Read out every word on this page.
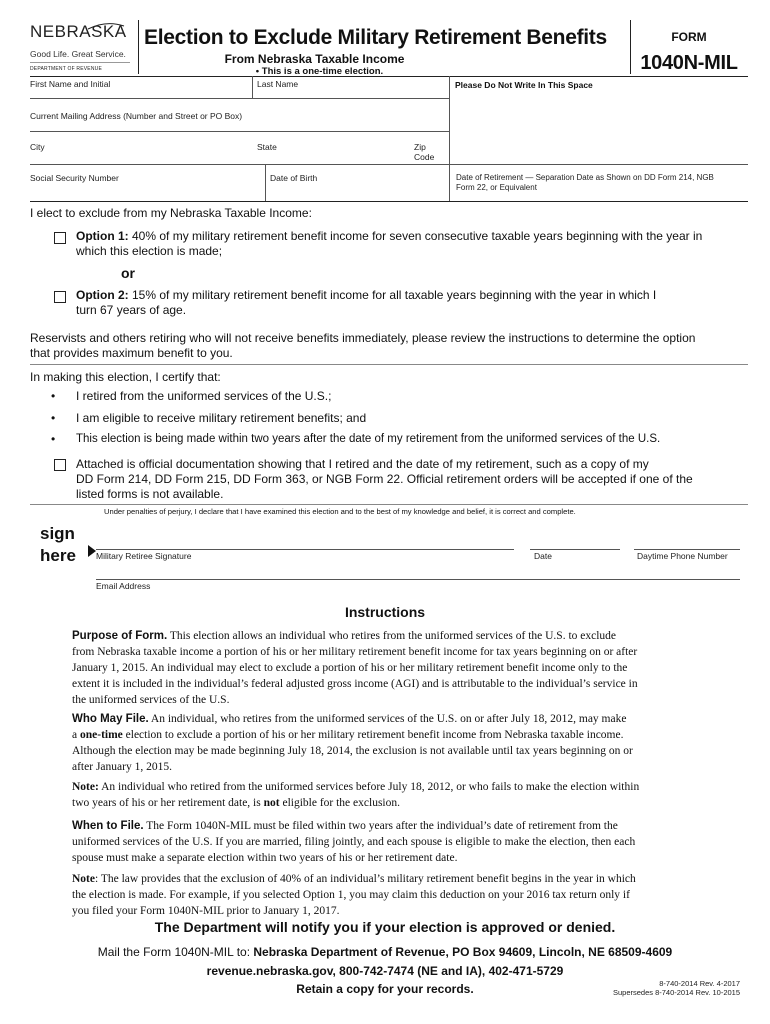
NEBRASKA
Good Life. Great Service.
DEPARTMENT OF REVENUE
Election to Exclude Military Retirement Benefits
From Nebraska Taxable Income
• This is a one-time election.
FORM
1040N-MIL
First Name and Initial	Last Name	Please Do Not Write In This Space
Current Mailing Address (Number and Street or PO Box)
City	State	Zip Code
Social Security Number	Date of Birth	Date of Retirement — Separation Date as Shown on DD Form 214, NGB
Form 22, or Equivalent
I elect to exclude from my Nebraska Taxable Income:
Option 1: 40% of my military retirement benefit income for seven consecutive taxable years beginning with the year in
which this election is made;
or
Option 2: 15% of my military retirement benefit income for all taxable years beginning with the year in which I
turn 67 years of age.
Reservists and others retiring who will not receive benefits immediately, please review the instructions to determine the option
that provides maximum benefit to you.
In making this election, I certify that:
• I retired from the uniformed services of the U.S.;
• I am eligible to receive military retirement benefits; and
• This election is being made within two years after the date of my retirement from the uniformed services of the U.S.
Attached is official documentation showing that I retired and the date of my retirement, such as a copy of my
DD Form 214, DD Form 215, DD Form 363, or NGB Form 22. Official retirement orders will be accepted if one of the
listed forms is not available.
Under penalties of perjury, I declare that I have examined this election and to the best of my knowledge and belief, it is correct and complete.
sign
here Military Retiree Signature	Date	Daytime Phone Number
Email Address
Instructions
Purpose of Form. This election allows an individual who retires from the uniformed services of the U.S. to exclude
from Nebraska taxable income a portion of his or her military retirement benefit income for tax years beginning on or after
January 1, 2015. An individual may elect to exclude a portion of his or her military retirement benefit income only to the
extent it is included in the individual’s federal adjusted gross income (AGI) and is attributable to the individual’s service in
the uniformed services of the U.S.
Who May File. An individual, who retires from the uniformed services of the U.S. on or after July 18, 2012, may make
a one-time election to exclude a portion of his or her military retirement benefit income from Nebraska taxable income.
Although the election may be made beginning July 18, 2014, the exclusion is not available until tax years beginning on or
after January 1, 2015.
Note: An individual who retired from the uniformed services before July 18, 2012, or who fails to make the election within
two years of his or her retirement date, is not eligible for the exclusion.
When to File. The Form 1040N-MIL must be filed within two years after the individual’s date of retirement from the
uniformed services of the U.S. If you are married, filing jointly, and each spouse is eligible to make the election, then each
spouse must make a separate election within two years of his or her retirement date.
Note: The law provides that the exclusion of 40% of an individual’s military retirement benefit begins in the year in which
the election is made. For example, if you selected Option 1, you may claim this deduction on your 2016 tax return only if
you filed your Form 1040N-MIL prior to January 1, 2017.
The Department will notify you if your election is approved or denied.
Mail the Form 1040N-MIL to: Nebraska Department of Revenue, PO Box 94609, Lincoln, NE 68509-4609
revenue.nebraska.gov, 800-742-7474 (NE and IA), 402-471-5729
Retain a copy for your records.	8-740-2014 Rev. 4-2017
Supersedes 8-740-2014 Rev. 10-2015
